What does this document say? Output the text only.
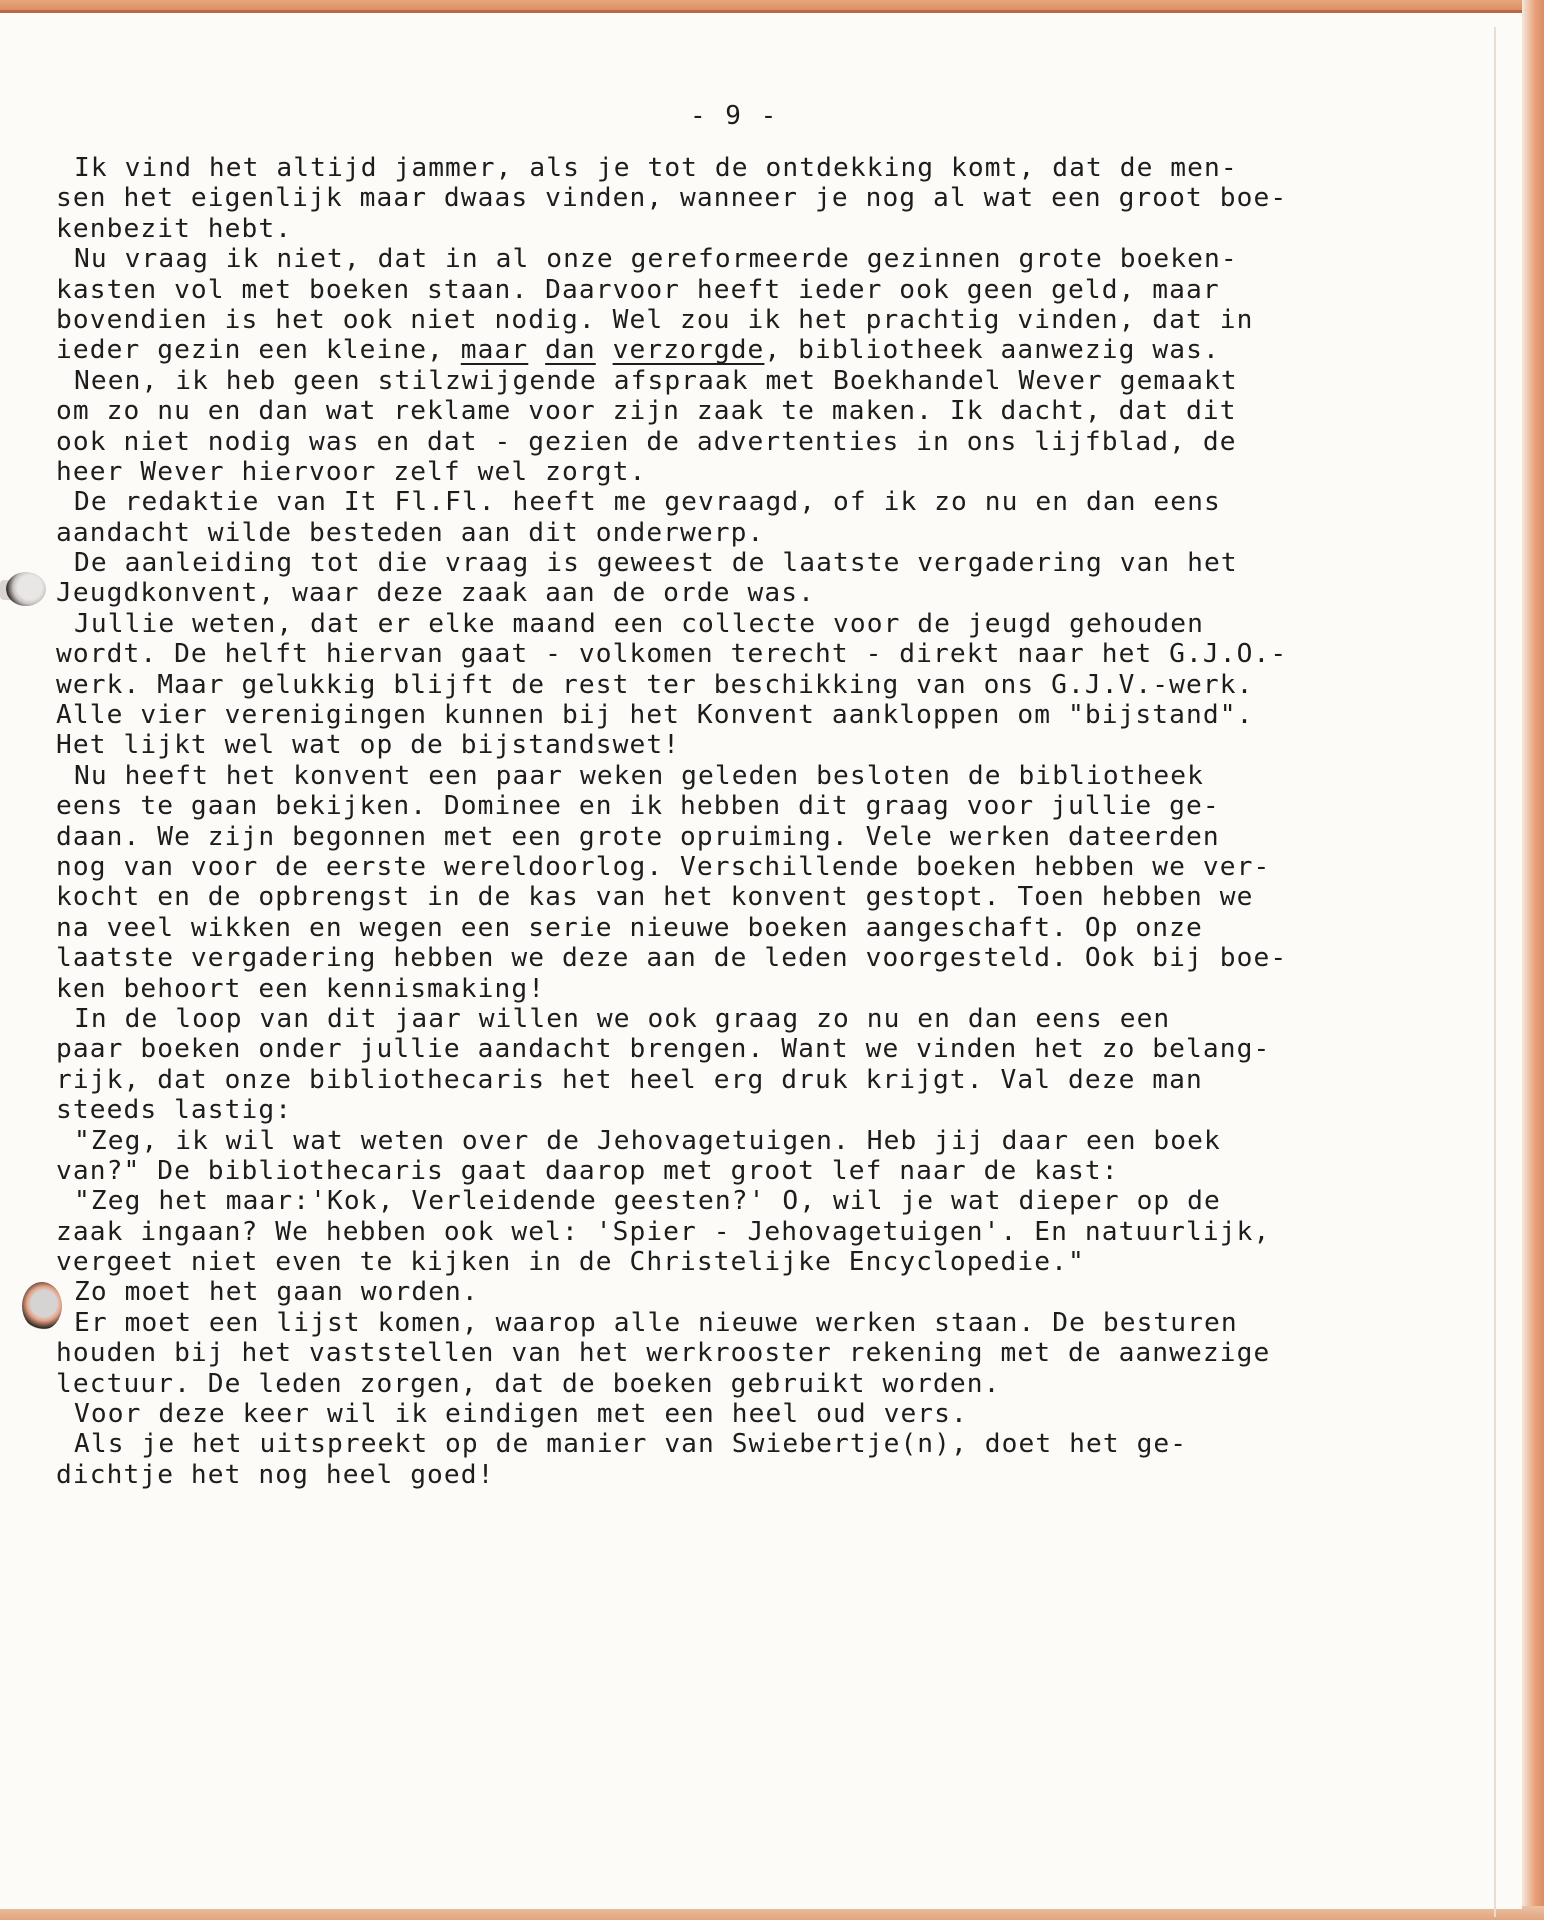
- 9 -
Ik vind het altijd jammer, als je tot de ontdekking komt, dat de men-
sen het eigenlijk maar dwaas vinden, wanneer je nog al wat een groot boe-
kenbezit hebt.
Nu vraag ik niet, dat in al onze gereformeerde gezinnen grote boeken-
kasten vol met boeken staan. Daarvoor heeft ieder ook geen geld, maar
bovendien is het ook niet nodig. Wel zou ik het prachtig vinden, dat in
ieder gezin een kleine, maar dan verzorgde, bibliotheek aanwezig was.
Neen, ik heb geen stilzwijgende afspraak met Boekhandel Wever gemaakt
om zo nu en dan wat reklame voor zijn zaak te maken. Ik dacht, dat dit
ook niet nodig was en dat - gezien de advertenties in ons lijfblad, de
heer Wever hiervoor zelf wel zorgt.
De redaktie van It Fl.Fl. heeft me gevraagd, of ik zo nu en dan eens
aandacht wilde besteden aan dit onderwerp.
De aanleiding tot die vraag is geweest de laatste vergadering van het
Jeugdkonvent, waar deze zaak aan de orde was.
Jullie weten, dat er elke maand een collecte voor de jeugd gehouden
wordt. De helft hiervan gaat - volkomen terecht - direkt naar het G.J.O.-
werk. Maar gelukkig blijft de rest ter beschikking van ons G.J.V.-werk.
Alle vier verenigingen kunnen bij het Konvent aankloppen om "bijstand".
Het lijkt wel wat op de bijstandswet!
Nu heeft het konvent een paar weken geleden besloten de bibliotheek
eens te gaan bekijken. Dominee en ik hebben dit graag voor jullie ge-
daan. We zijn begonnen met een grote opruiming. Vele werken dateerden
nog van voor de eerste wereldoorlog. Verschillende boeken hebben we ver-
kocht en de opbrengst in de kas van het konvent gestopt. Toen hebben we
na veel wikken en wegen een serie nieuwe boeken aangeschaft. Op onze
laatste vergadering hebben we deze aan de leden voorgesteld. Ook bij boe-
ken behoort een kennismaking!
In de loop van dit jaar willen we ook graag zo nu en dan eens een
paar boeken onder jullie aandacht brengen. Want we vinden het zo belang-
rijk, dat onze bibliothecaris het heel erg druk krijgt. Val deze man
steeds lastig:
"Zeg, ik wil wat weten over de Jehovagetuigen. Heb jij daar een boek
van?" De bibliothecaris gaat daarop met groot lef naar de kast:
"Zeg het maar:'Kok, Verleidende geesten?' O, wil je wat dieper op de
zaak ingaan? We hebben ook wel: 'Spier - Jehovagetuigen'. En natuurlijk,
vergeet niet even te kijken in de Christelijke Encyclopedie."
Zo moet het gaan worden.
Er moet een lijst komen, waarop alle nieuwe werken staan. De besturen
houden bij het vaststellen van het werkrooster rekening met de aanwezige
lectuur. De leden zorgen, dat de boeken gebruikt worden.
Voor deze keer wil ik eindigen met een heel oud vers.
Als je het uitspreekt op de manier van Swiebertje(n), doet het ge-
dichtje het nog heel goed!
